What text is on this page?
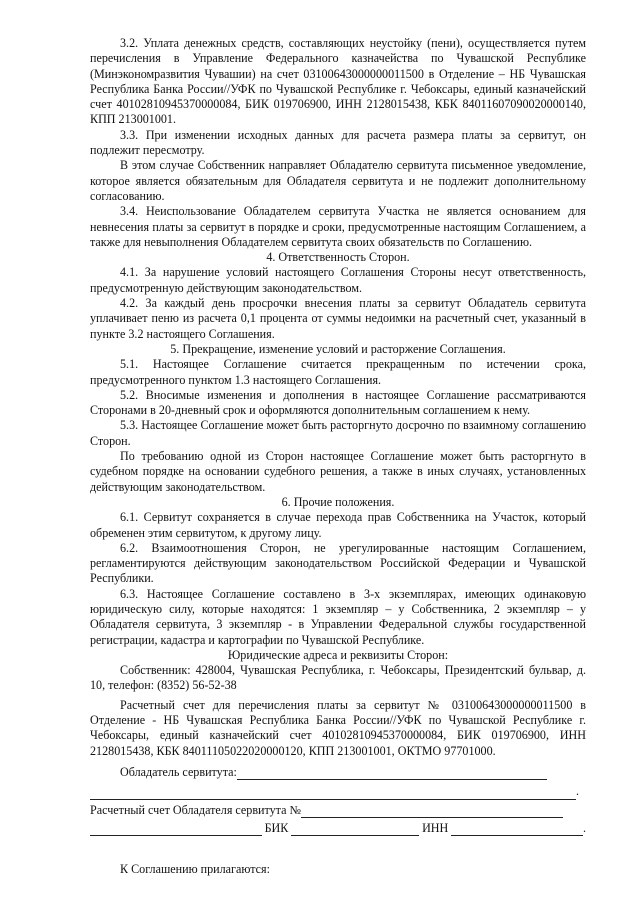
3.2. Уплата денежных средств, составляющих неустойку (пени), осуществляется путем перечисления в Управление Федерального казначейства по Чувашской Республике (Минэкономразвития Чувашии) на счет 03100643000000011500 в Отделение – НБ Чувашская Республика Банка России//УФК по Чувашской Республике г. Чебоксары, единый казначейский счет 40102810945370000084, БИК 019706900, ИНН 2128015438, КБК 84011607090020000140, КПП 213001001.

3.3. При изменении исходных данных для расчета размера платы за сервитут, он подлежит пересмотру.

В этом случае Собственник направляет Обладателю сервитута письменное уведомление, которое является обязательным для Обладателя сервитута и не подлежит дополнительному согласованию.

3.4. Неиспользование Обладателем сервитута Участка не является основанием для невнесения платы за сервитут в порядке и сроки, предусмотренные настоящим Соглашением, а также для невыполнения Обладателем сервитута своих обязательств по Соглашению.

4. Ответственность Сторон.

4.1. За нарушение условий настоящего Соглашения Стороны несут ответственность, предусмотренную действующим законодательством.

4.2. За каждый день просрочки внесения платы за сервитут Обладатель сервитута уплачивает пеню из расчета 0,1 процента от суммы недоимки на расчетный счет, указанный в пункте 3.2 настоящего Соглашения.

5. Прекращение, изменение условий и расторжение Соглашения.

5.1. Настоящее Соглашение считается прекращенным по истечении срока, предусмотренного пунктом 1.3 настоящего Соглашения.

5.2. Вносимые изменения и дополнения в настоящее Соглашение рассматриваются Сторонами в 20-дневный срок и оформляются дополнительным соглашением к нему.

5.3. Настоящее Соглашение может быть расторгнуто досрочно по взаимному соглашению Сторон.

По требованию одной из Сторон настоящее Соглашение может быть расторгнуто в судебном порядке на основании судебного решения, а также в иных случаях, установленных действующим законодательством.

6. Прочие положения.

6.1. Сервитут сохраняется в случае перехода прав Собственника на Участок, который обременен этим сервитутом, к другому лицу.

6.2. Взаимоотношения Сторон, не урегулированные настоящим Соглашением, регламентируются действующим законодательством Российской Федерации и Чувашской Республики.

6.3. Настоящее Соглашение составлено в 3-х экземплярах, имеющих одинаковую юридическую силу, которые находятся: 1 экземпляр – у Собственника, 2 экземпляр – у Обладателя сервитута, 3 экземпляр - в Управлении Федеральной службы государственной регистрации, кадастра и картографии по Чувашской Республике.

Юридические адреса и реквизиты Сторон:

Собственник: 428004, Чувашская Республика, г. Чебоксары, Президентский бульвар, д. 10, телефон: (8352) 56-52-38

Расчетный счет для перечисления платы за сервитут № 03100643000000011500 в Отделение - НБ Чувашская Республика Банка России//УФК по Чувашской Республике г. Чебоксары, единый казначейский счет 40102810945370000084, БИК 019706900, ИНН 2128015438, КБК 84011105022020000120, КПП 213001001, ОКТМО 97701000.

Обладатель сервитута:
.
Расчетный счет Обладателя сервитута №
БИК	ИНН	.

К Соглашению прилагаются:
